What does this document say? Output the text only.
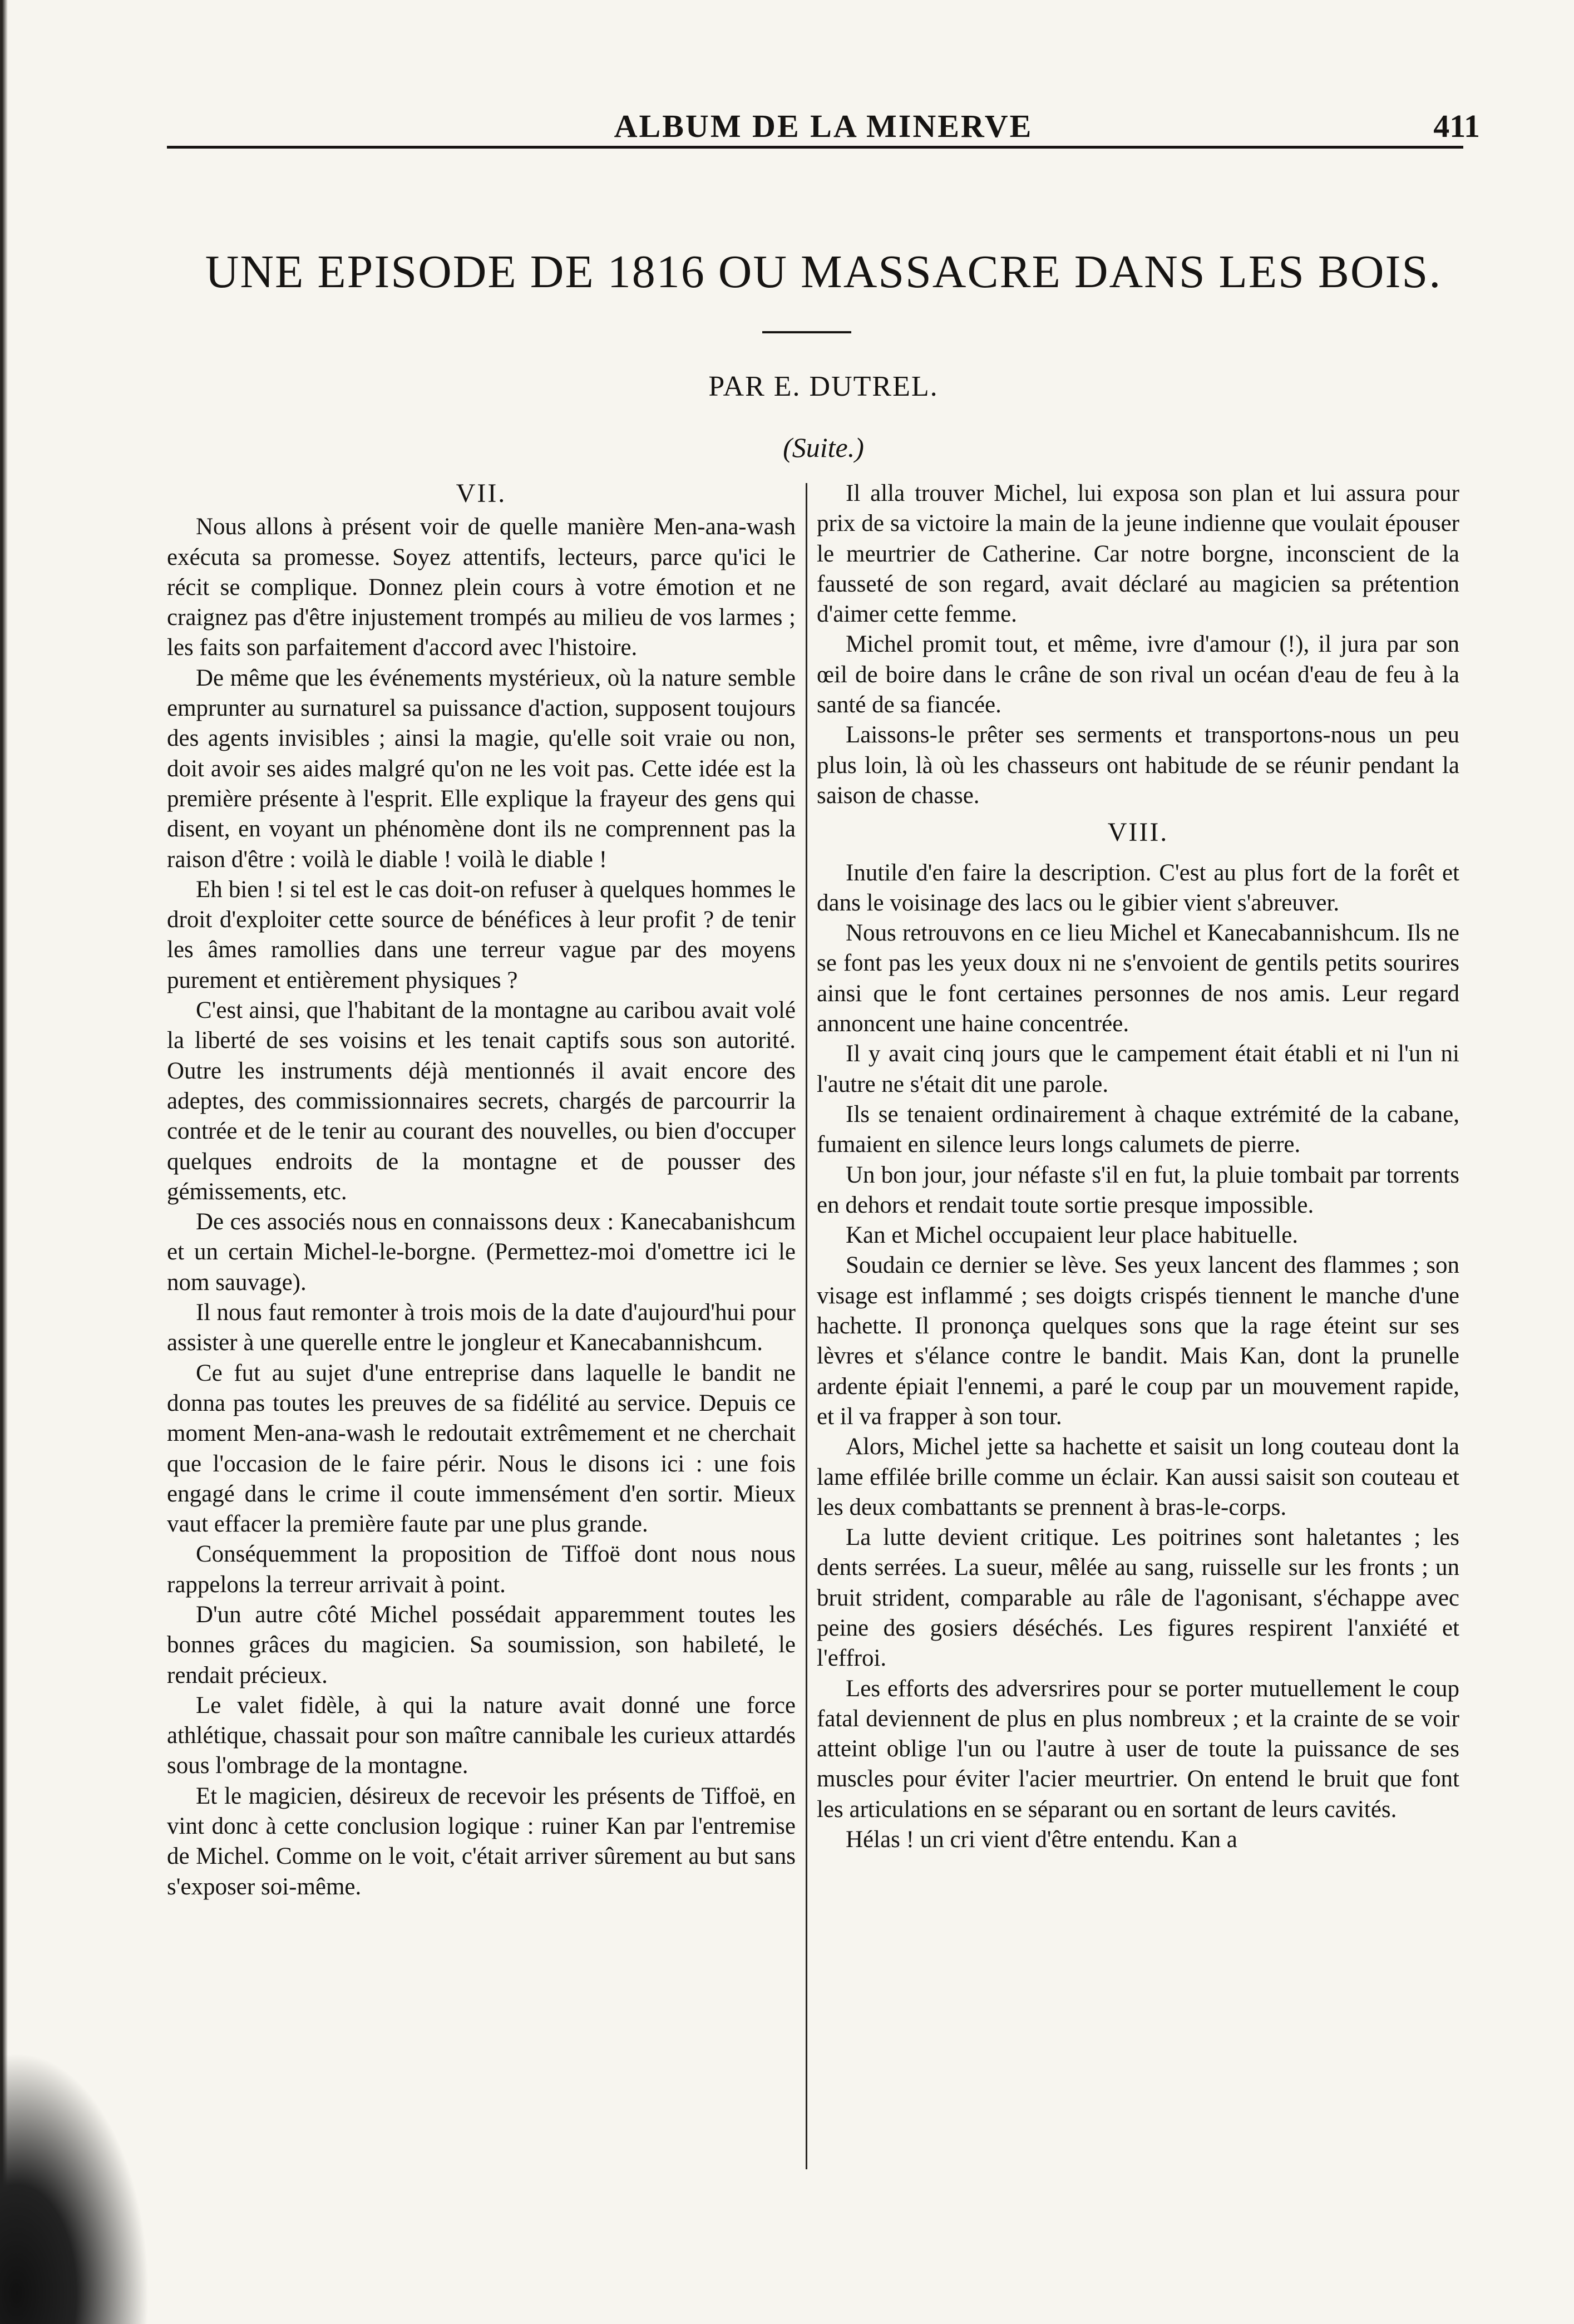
ALBUM DE LA MINERVE	411
UNE EPISODE DE 1816 OU MASSACRE DANS LES BOIS.
PAR E. DUTREL.
(Suite.)
VII.

Nous allons à présent voir de quelle manière Men-ana-wash exécuta sa promesse. Soyez attentifs, lecteurs, parce qu'ici le récit se complique. Donnez plein cours à votre émotion et ne craignez pas d'être injustement trompés au milieu de vos larmes ; les faits son parfaitement d'accord avec l'histoire.

De même que les événements mystérieux, où la nature semble emprunter au surnaturel sa puissance d'action, supposent toujours des agents invisibles ; ainsi la magie, qu'elle soit vraie ou non, doit avoir ses aides malgré qu'on ne les voit pas. Cette idée est la première présente à l'esprit. Elle explique la frayeur des gens qui disent, en voyant un phénomène dont ils ne comprennent pas la raison d'être : voilà le diable ! voilà le diable !

Eh bien ! si tel est le cas doit-on refuser à quelques hommes le droit d'exploiter cette source de bénéfices à leur profit ? de tenir les âmes ramollies dans une terreur vague par des moyens purement et entièrement physiques ?

C'est ainsi, que l'habitant de la montagne au caribou avait volé la liberté de ses voisins et les tenait captifs sous son autorité. Outre les instruments déjà mentionnés il avait encore des adeptes, des commissionnaires secrets, chargés de parcourrir la contrée et de le tenir au courant des nouvelles, ou bien d'occuper quelques endroits de la montagne et de pousser des gémissements, etc.

De ces associés nous en connaissons deux : Kanecabanishcum et un certain Michel-le-borgne. (Permettez-moi d'omettre ici le nom sauvage).

Il nous faut remonter à trois mois de la date d'aujourd'hui pour assister à une querelle entre le jongleur et Kanecabannishcum.

Ce fut au sujet d'une entreprise dans laquelle le bandit ne donna pas toutes les preuves de sa fidélité au service. Depuis ce moment Men-ana-wash le redoutait extrêmement et ne cherchait que l'occasion de le faire périr. Nous le disons ici : une fois engagé dans le crime il coute immensément d'en sortir. Mieux vaut effacer la première faute par une plus grande.

Conséquemment la proposition de Tiffoë dont nous nous rappelons la terreur arrivait à point.

D'un autre côté Michel possédait apparemment toutes les bonnes grâces du magicien. Sa soumission, son habileté, le rendait précieux.

Le valet fidèle, à qui la nature avait donné une force athlétique, chassait pour son maître cannibale les curieux attardés sous l'ombrage de la montagne.

Et le magicien, désireux de recevoir les présents de Tiffoë, en vint donc à cette conclusion logique : ruiner Kan par l'entremise de Michel. Comme on le voit, c'était arriver sûrement au but sans s'exposer soi-même.

Il alla trouver Michel, lui exposa son plan et lui assura pour prix de sa victoire la main de la jeune indienne que voulait épouser le meurtrier de Catherine. Car notre borgne, inconscient de la fausseté de son regard, avait déclaré au magicien sa prétention d'aimer cette femme.

Michel promit tout, et même, ivre d'amour (!), il jura par son œil de boire dans le crâne de son rival un océan d'eau de feu à la santé de sa fiancée.

Laissons-le prêter ses serments et transportons-nous un peu plus loin, là où les chasseurs ont habitude de se réunir pendant la saison de chasse.

VIII.

Inutile d'en faire la description. C'est au plus fort de la forêt et dans le voisinage des lacs ou le gibier vient s'abreuver.

Nous retrouvons en ce lieu Michel et Kanecabannishcum. Ils ne se font pas les yeux doux ni ne s'envoient de gentils petits sourires ainsi que le font certaines personnes de nos amis. Leur regard annoncent une haine concentrée.

Il y avait cinq jours que le campement était établi et ni l'un ni l'autre ne s'était dit une parole.

Ils se tenaient ordinairement à chaque extrémité de la cabane, fumaient en silence leurs longs calumets de pierre.

Un bon jour, jour néfaste s'il en fut, la pluie tombait par torrents en dehors et rendait toute sortie presque impossible.

Kan et Michel occupaient leur place habituelle.

Soudain ce dernier se lève. Ses yeux lancent des flammes ; son visage est inflammé ; ses doigts crispés tiennent le manche d'une hachette. Il prononça quelques sons que la rage éteint sur ses lèvres et s'élance contre le bandit. Mais Kan, dont la prunelle ardente épiait l'ennemi, a paré le coup par un mouvement rapide, et il va frapper à son tour.

Alors, Michel jette sa hachette et saisit un long couteau dont la lame effilée brille comme un éclair. Kan aussi saisit son couteau et les deux combattants se prennent à bras-le-corps.

La lutte devient critique. Les poitrines sont haletantes ; les dents serrées. La sueur, mêlée au sang, ruisselle sur les fronts ; un bruit strident, comparable au râle de l'agonisant, s'échappe avec peine des gosiers déséchés. Les figures respirent l'anxiété et l'effroi.

Les efforts des adversrires pour se porter mutuellement le coup fatal deviennent de plus en plus nombreux ; et la crainte de se voir atteint oblige l'un ou l'autre à user de toute la puissance de ses muscles pour éviter l'acier meurtrier. On entend le bruit que font les articulations en se séparant ou en sortant de leurs cavités.

Hélas ! un cri vient d'être entendu. Kan a
